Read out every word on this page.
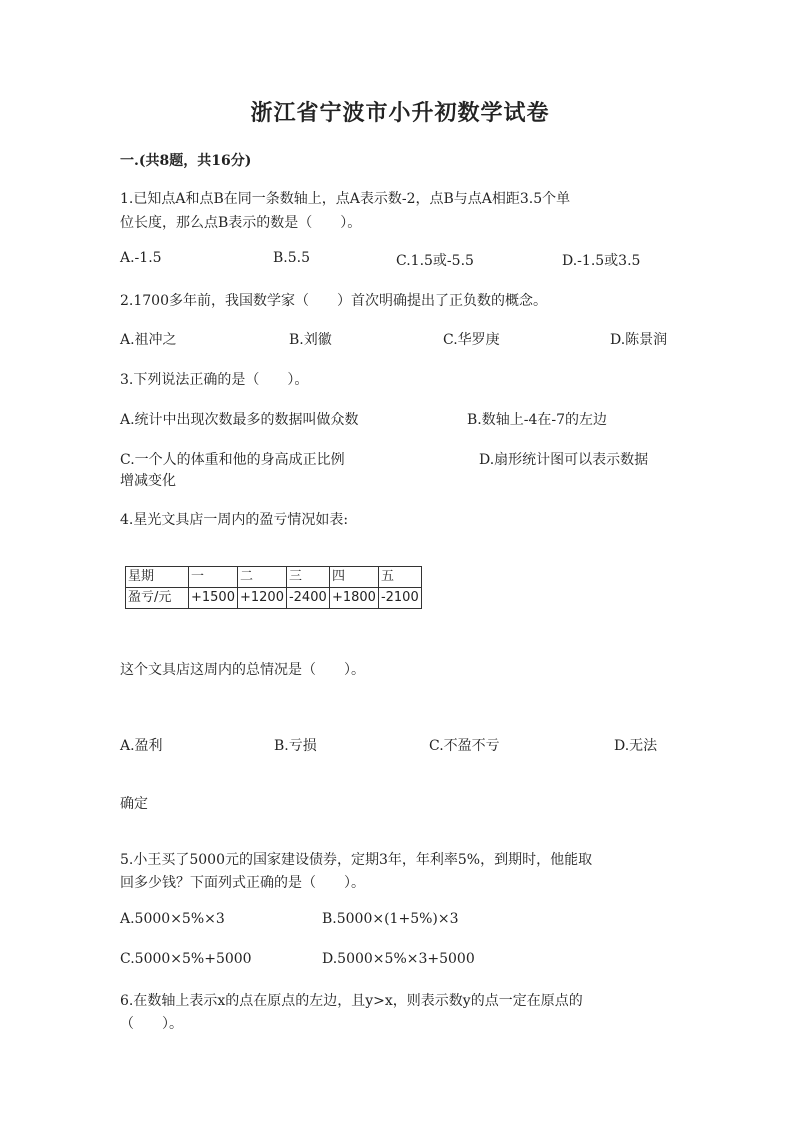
浙江省宁波市小升初数学试卷
一.(共8题，共16分)
1.已知点A和点B在同一条数轴上，点A表示数-2，点B与点A相距3.5个单
位长度，那么点B表示的数是（　　）。
A.-1.5	B.5.5	C.1.5或-5.5	D.-1.5或3.5
2.1700多年前，我国数学家（　　）首次明确提出了正负数的概念。
A.祖冲之	B.刘徽	C.华罗庚	D.陈景润
3.下列说法正确的是（　　）。
A.统计中出现次数最多的数据叫做众数	B.数轴上-4在-7的左边
C.一个人的体重和他的身高成正比例	D.扇形统计图可以表示数据
增减变化
4.星光文具店一周内的盈亏情况如表:
星期	一	二	三	四	五
盈亏/元	+1500	+1200	-2400	+1800	-2100
这个文具店这周内的总情况是（　　）。
A.盈利	B.亏损	C.不盈不亏	D.无法
确定
5.小王买了5000元的国家建设债券，定期3年，年利率5%，到期时，他能取
回多少钱？下面列式正确的是（　　）。
A.5000×5%×3	B.5000×(1+5%)×3
C.5000×5%+5000	D.5000×5%×3+5000
6.在数轴上表示x的点在原点的左边，且y>x，则表示数y的点一定在原点的
（　　）。
